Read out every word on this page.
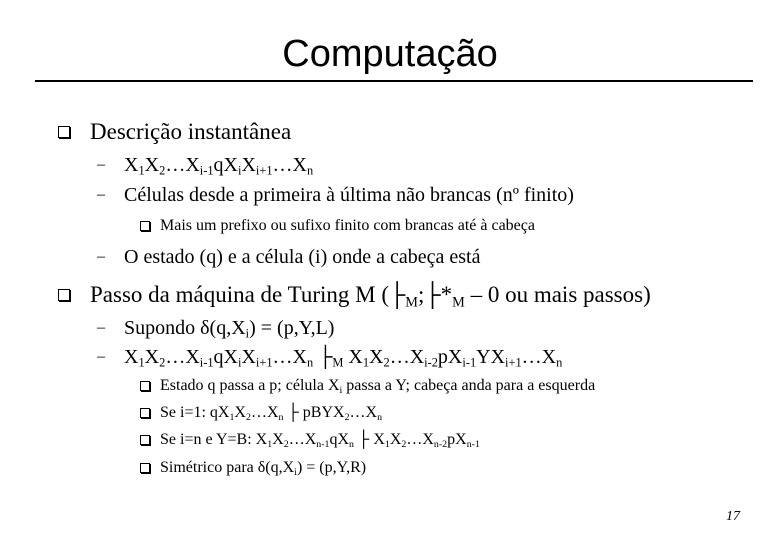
Computação
Descrição instantânea
– $X_1X_2\dots X_{i-1}qX_iX_{i+1}\dots X_n$
– Células desde a primeira à última não brancas (nº finito)
Mais um prefixo ou sufixo finito com brancas até à cabeça
– O estado (q) e a célula (i) onde a cabeça está
Passo da máquina de Turing M ($├_M;├*_M - 0$ ou mais passos)
– Supondo $\delta(q,X_i) = (p,Y,L)$
– $X_1X_2\dots X_{i-1}qX_iX_{i+1}\dots X_n$ $├_M$ $X_1X_2\dots X_{i-2}pX_{i-1}YX_{i+1}\dots X_n$
Estado q passa a p; célula $X_i$ passa a Y; cabeça anda para a esquerda
Se i=1: $qX_1X_2\dots X_n$ ├ $pBYX_2\dots X_n$
Se i=n e Y=B: $X_1X_2\dots X_{n-1}qX_n$ ├ $X_1X_2\dots X_{n-2}pX_{n-1}$
Simétrico para $\delta(q,X_i) = (p,Y,R)$
17
